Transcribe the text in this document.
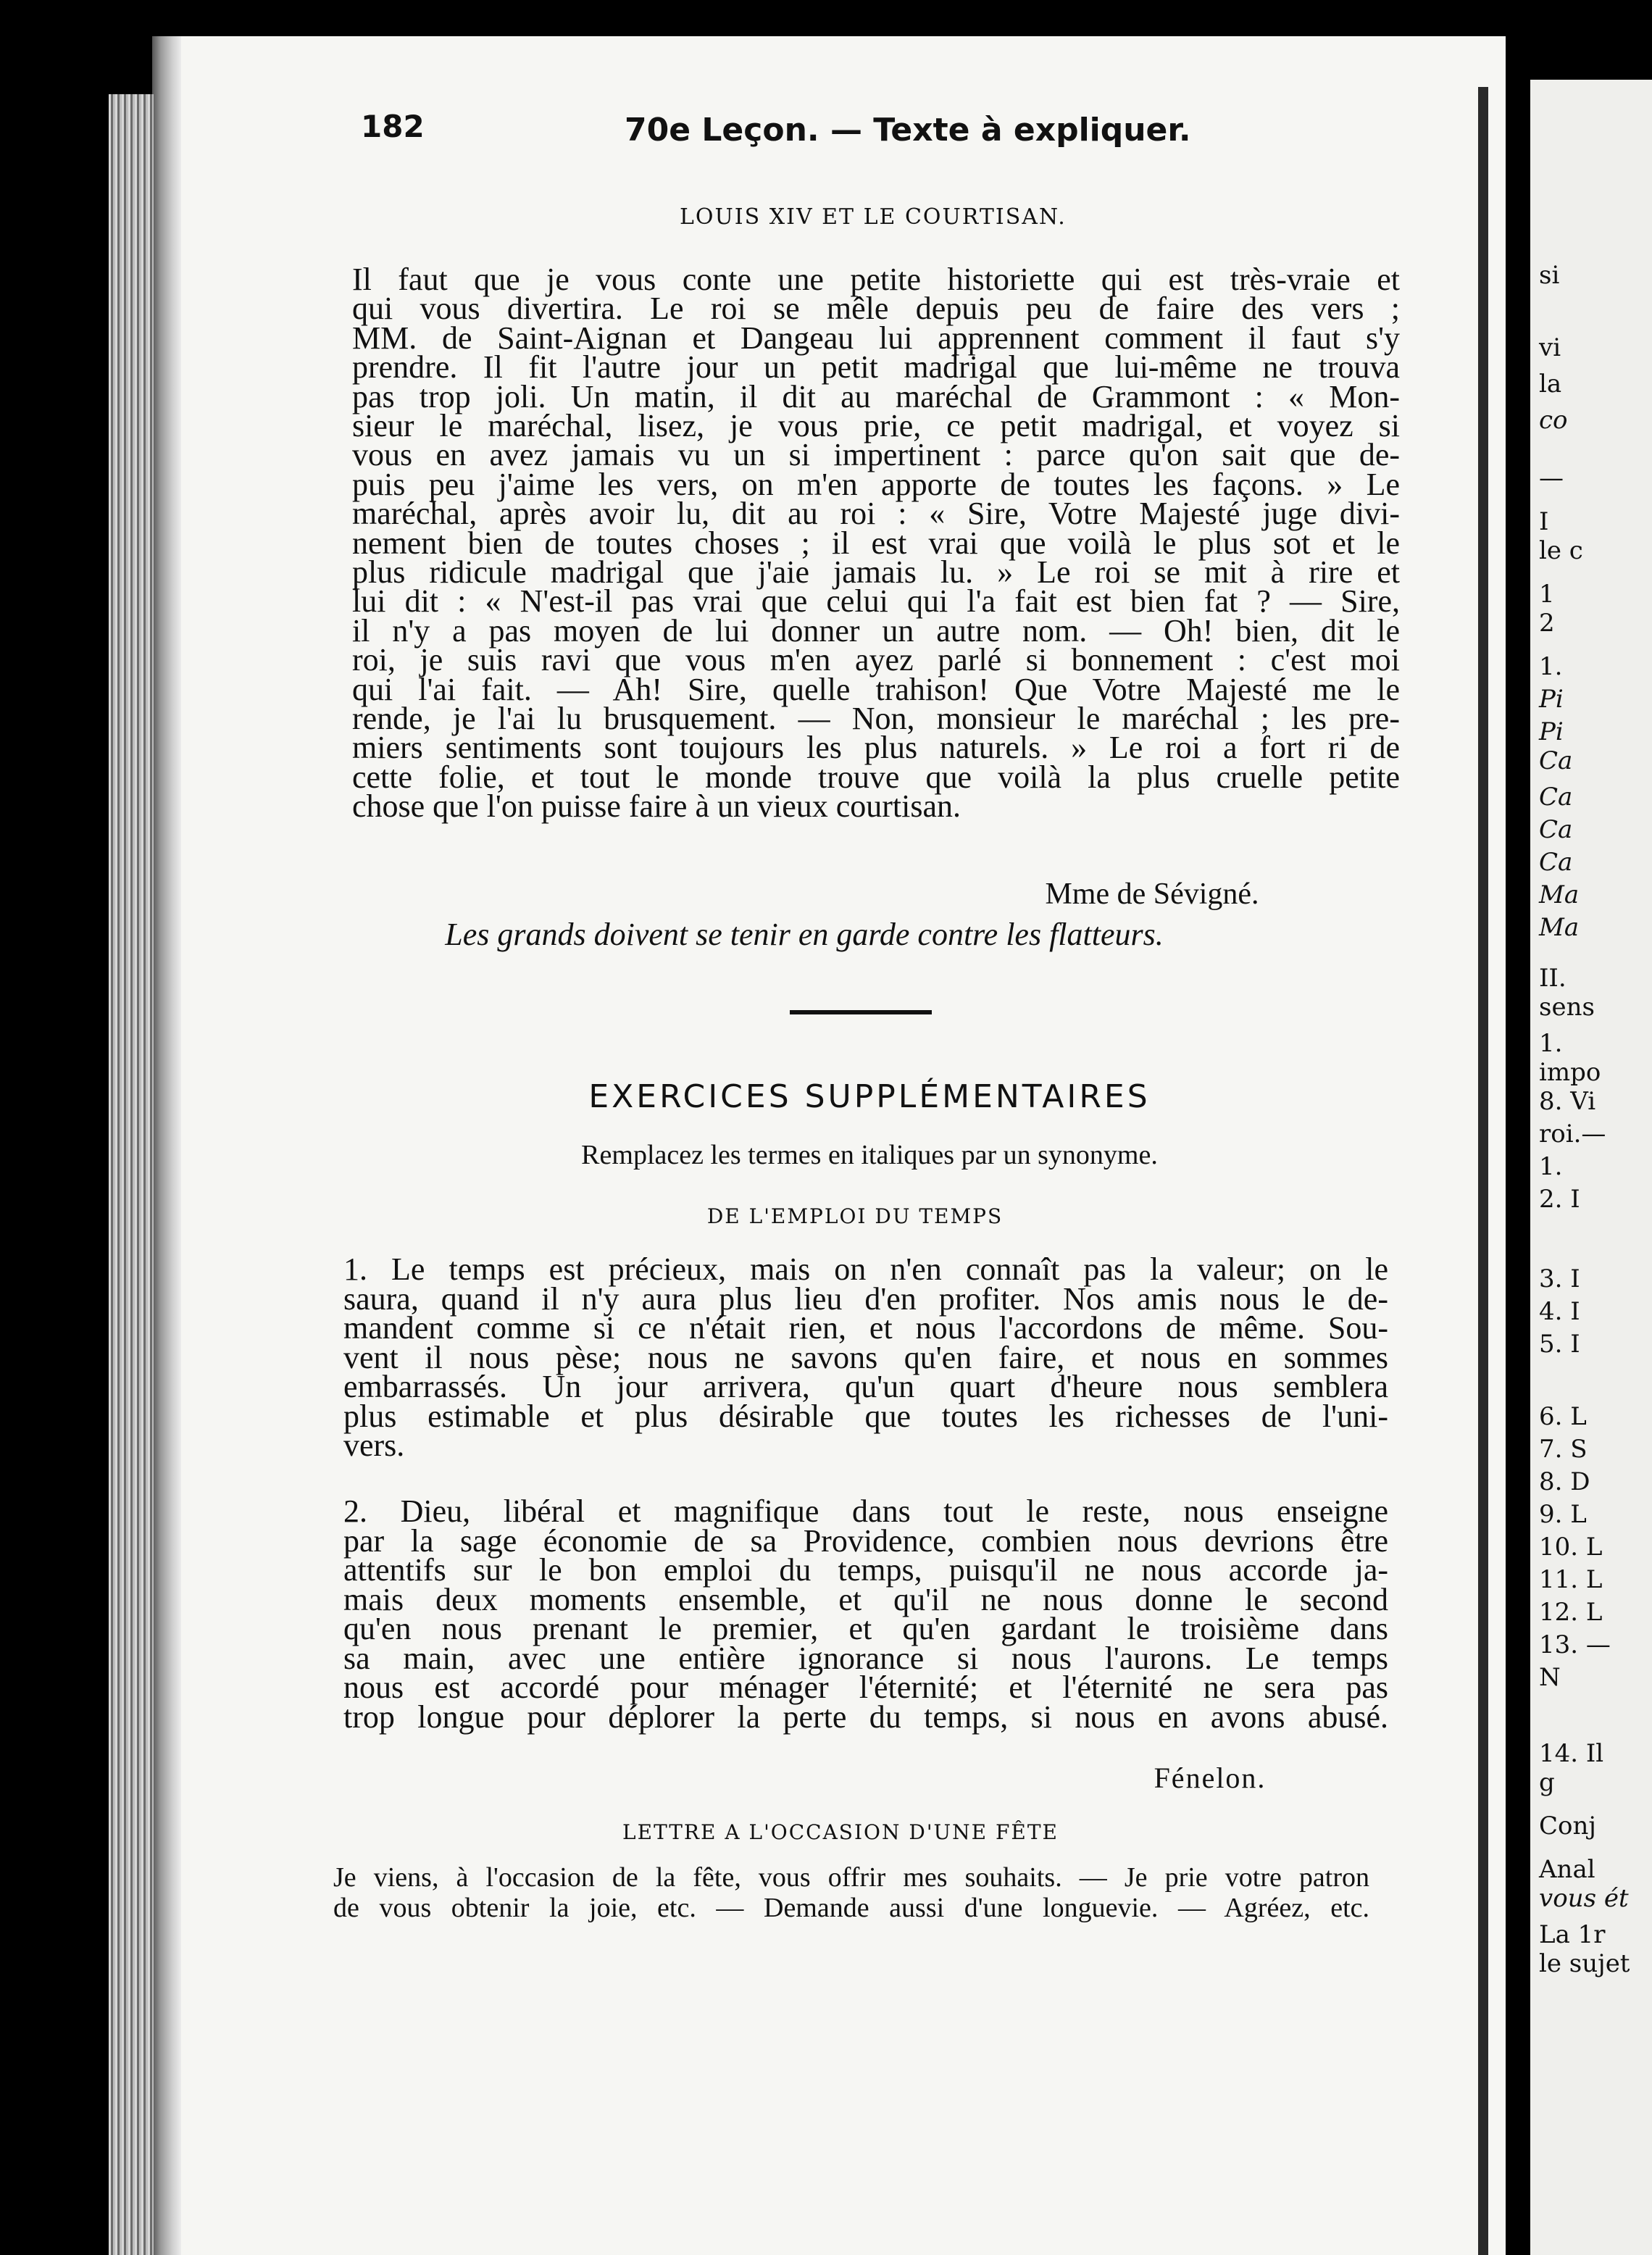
si
vi
la
co
—
I
le c
1
2
1.
Pi
Pi
Ca
Ca
Ca
Ca
Ma
Ma
II.
sens
1.
impo
8. Vi
roi.—
1.
2. I
3. I
4. I
5. I
6. L
7. S
8. D
9. L
10. L
11. L
12. L
13. —
N
14. Il
g
Conj
Anal
vous ét
La 1r
le sujet
182	70e Leçon. — Texte à expliquer.
LOUIS XIV ET LE COURTISAN.
Il faut que je vous conte une petite historiette qui est très-vraie et
qui vous divertira. Le roi se mêle depuis peu de faire des vers ;
MM. de Saint-Aignan et Dangeau lui apprennent comment il faut s'y
prendre. Il fit l'autre jour un petit madrigal que lui-même ne trouva
pas trop joli. Un matin, il dit au maréchal de Grammont : « Mon-
sieur le maréchal, lisez, je vous prie, ce petit madrigal, et voyez si
vous en avez jamais vu un si impertinent : parce qu'on sait que de-
puis peu j'aime les vers, on m'en apporte de toutes les façons. » Le
maréchal, après avoir lu, dit au roi : « Sire, Votre Majesté juge divi-
nement bien de toutes choses ; il est vrai que voilà le plus sot et le
plus ridicule madrigal que j'aie jamais lu. » Le roi se mit à rire et
lui dit : « N'est-il pas vrai que celui qui l'a fait est bien fat ? — Sire,
il n'y a pas moyen de lui donner un autre nom. — Oh! bien, dit le
roi, je suis ravi que vous m'en ayez parlé si bonnement : c'est moi
qui l'ai fait. — Ah! Sire, quelle trahison! Que Votre Majesté me le
rende, je l'ai lu brusquement. — Non, monsieur le maréchal ; les pre-
miers sentiments sont toujours les plus naturels. » Le roi a fort ri de
cette folie, et tout le monde trouve que voilà la plus cruelle petite
chose que l'on puisse faire à un vieux courtisan.
Mme de Sévigné.
Les grands doivent se tenir en garde contre les flatteurs.
EXERCICES SUPPLÉMENTAIRES
Remplacez les termes en italiques par un synonyme.
DE L'EMPLOI DU TEMPS
1. Le temps est précieux, mais on n'en connaît pas la valeur; on le
saura, quand il n'y aura plus lieu d'en profiter. Nos amis nous le de-
mandent comme si ce n'était rien, et nous l'accordons de même. Sou-
vent il nous pèse; nous ne savons qu'en faire, et nous en sommes
embarrassés. Un jour arrivera, qu'un quart d'heure nous semblera
plus estimable et plus désirable que toutes les richesses de l'uni-
vers.
2. Dieu, libéral et magnifique dans tout le reste, nous enseigne
par la sage économie de sa Providence, combien nous devrions être
attentifs sur le bon emploi du temps, puisqu'il ne nous accorde ja-
mais deux moments ensemble, et qu'il ne nous donne le second
qu'en nous prenant le premier, et qu'en gardant le troisième dans
sa main, avec une entière ignorance si nous l'aurons. Le temps
nous est accordé pour ménager l'éternité; et l'éternité ne sera pas
trop longue pour déplorer la perte du temps, si nous en avons abusé.
Fénelon.
LETTRE A L'OCCASION D'UNE FÊTE
Je viens, à l'occasion de la fête, vous offrir mes souhaits. — Je prie votre patron
de vous obtenir la joie, etc. — Demande aussi d'une longuevie. — Agréez, etc.
